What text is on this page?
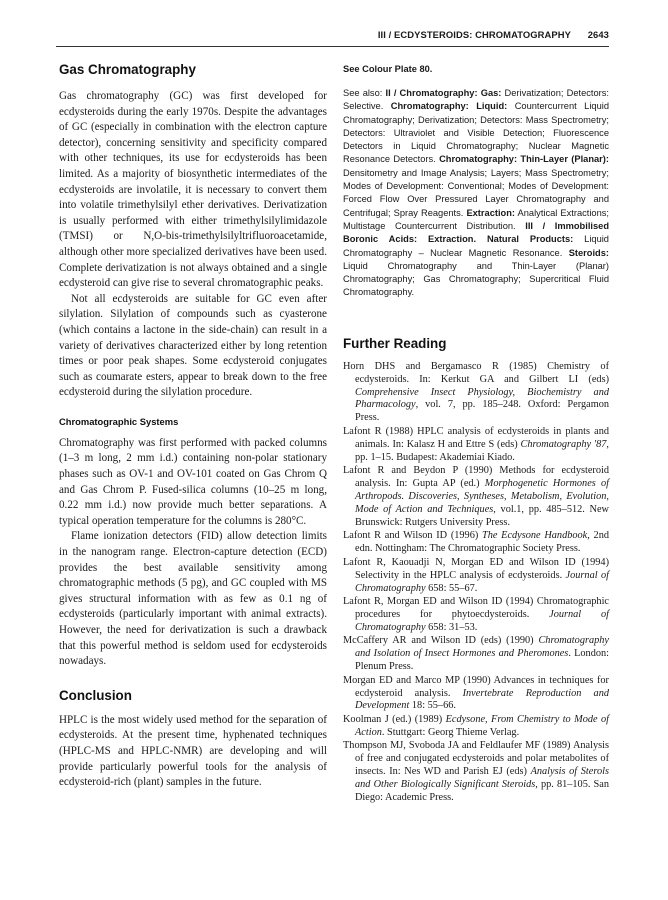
III / ECDYSTEROIDS: CHROMATOGRAPHY 2643
Gas Chromatography

Gas chromatography (GC) was first developed for ecdysteroids during the early 1970s. Despite the advantages of GC (especially in combination with the electron capture detector), concerning sensitivity and specificity compared with other techniques, its use for ecdysteroids has been limited. As a majority of biosynthetic intermediates of the ecdysteroids are involatile, it is necessary to convert them into volatile trimethylsilyl ether derivatives. Derivatization is usually performed with either trimethylsilylimidazole (TMSI) or N,O-bis-trimethylsilyltrifluoroacetamide, although other more specialized derivatives have been used. Complete derivatization is not always obtained and a single ecdysteroid can give rise to several chromatographic peaks.

Not all ecdysteroids are suitable for GC even after silylation. Silylation of compounds such as cyasterone (which contains a lactone in the side-chain) can result in a variety of derivatives characterized either by long retention times or poor peak shapes. Some ecdysteroid conjugates such as coumarate esters, appear to break down to the free ecdysteroid during the silylation procedure.

Chromatographic Systems

Chromatography was first performed with packed columns (1–3 m long, 2 mm i.d.) containing non-polar stationary phases such as OV-1 and OV-101 coated on Gas Chrom Q and Gas Chrom P. Fused-silica columns (10–25 m long, 0.22 mm i.d.) now provide much better separations. A typical operation temperature for the columns is 280°C.

Flame ionization detectors (FID) allow detection limits in the nanogram range. Electron-capture detection (ECD) provides the best available sensitivity among chromatographic methods (5 pg), and GC coupled with MS gives structural information with as few as 0.1 ng of ecdysteroids (particularly important with animal extracts). However, the need for derivatization is such a drawback that this powerful method is seldom used for ecdysteroids nowadays.

Conclusion

HPLC is the most widely used method for the separation of ecdysteroids. At the present time, hyphenated techniques (HPLC-MS and HPLC-NMR) are developing and will provide particularly powerful tools for the analysis of ecdysteroid-rich (plant) samples in the future.

See Colour Plate 80.

See also: II / Chromatography: Gas: Derivatization; Detectors: Selective. Chromatography: Liquid: Countercurrent Liquid Chromatography; Derivatization; Detectors: Mass Spectrometry; Detectors: Ultraviolet and Visible Detection; Fluorescence Detectors in Liquid Chromatography; Nuclear Magnetic Resonance Detectors. Chromatography: Thin-Layer (Planar): Densitometry and Image Analysis; Layers; Mass Spectrometry; Modes of Development: Conventional; Modes of Development: Forced Flow Over Pressured Layer Chromatography and Centrifugal; Spray Reagents. Extraction: Analytical Extractions; Multistage Countercurrent Distribution. III / Immobilised Boronic Acids: Extraction. Natural Products: Liquid Chromatography – Nuclear Magnetic Resonance. Steroids: Liquid Chromatography and Thin-Layer (Planar) Chromatography; Gas Chromatography; Supercritical Fluid Chromatography.

Further Reading
Horn DHS and Bergamasco R (1985) Chemistry of ecdysteroids. In: Kerkut GA and Gilbert LI (eds) Comprehensive Insect Physiology, Biochemistry and Pharmacology, vol. 7, pp. 185–248. Oxford: Pergamon Press.
Lafont R (1988) HPLC analysis of ecdysteroids in plants and animals. In: Kalasz H and Ettre S (eds) Chromatography '87, pp. 1–15. Budapest: Akademiai Kiado.
Lafont R and Beydon P (1990) Methods for ecdysteroid analysis. In: Gupta AP (ed.) Morphogenetic Hormones of Arthropods. Discoveries, Syntheses, Metabolism, Evolution, Mode of Action and Techniques, vol.1, pp. 485–512. New Brunswick: Rutgers University Press.
Lafont R and Wilson ID (1996) The Ecdysone Handbook, 2nd edn. Nottingham: The Chromatographic Society Press.
Lafont R, Kaouadji N, Morgan ED and Wilson ID (1994) Selectivity in the HPLC analysis of ecdysteroids. Journal of Chromatography 658: 55–67.
Lafont R, Morgan ED and Wilson ID (1994) Chromatographic procedures for phytoecdysteroids. Journal of Chromatography 658: 31–53.
McCaffery AR and Wilson ID (eds) (1990) Chromatography and Isolation of Insect Hormones and Pheromones. London: Plenum Press.
Morgan ED and Marco MP (1990) Advances in techniques for ecdysteroid analysis. Invertebrate Reproduction and Development 18: 55–66.
Koolman J (ed.) (1989) Ecdysone, From Chemistry to Mode of Action. Stuttgart: Georg Thieme Verlag.
Thompson MJ, Svoboda JA and Feldlaufer MF (1989) Analysis of free and conjugated ecdysteroids and polar metabolites of insects. In: Nes WD and Parish EJ (eds) Analysis of Sterols and Other Biologically Significant Steroids, pp. 81–105. San Diego: Academic Press.
